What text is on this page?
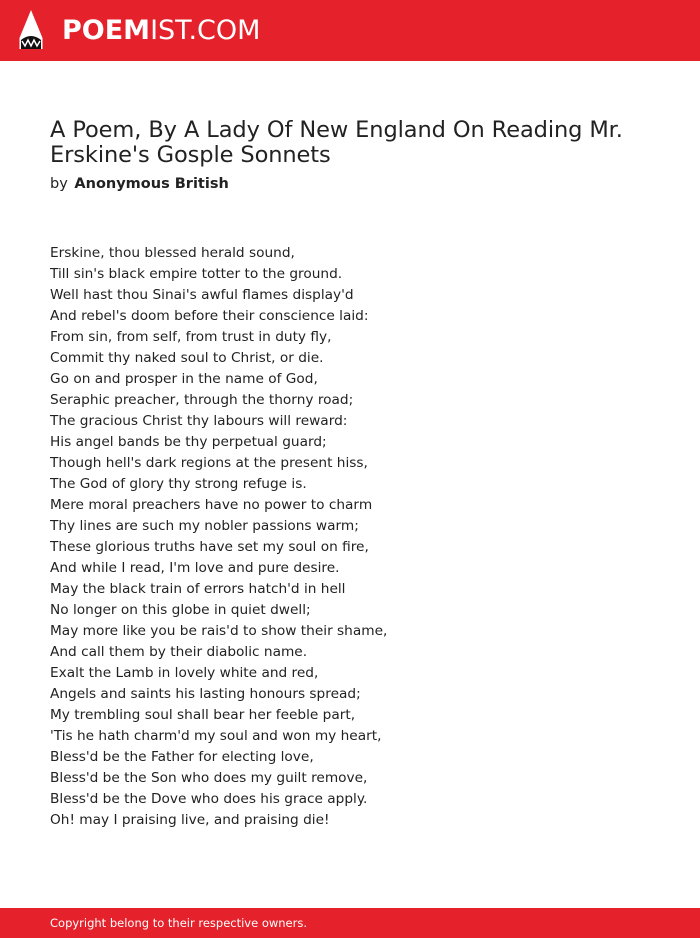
POEMIST.COM
A Poem, By A Lady Of New England On Reading Mr. Erskine's Gosple Sonnets
by Anonymous British
Erskine, thou blessed herald sound,
Till sin's black empire totter to the ground.
Well hast thou Sinai's awful flames display'd
And rebel's doom before their conscience laid:
From sin, from self, from trust in duty fly,
Commit thy naked soul to Christ, or die.
Go on and prosper in the name of God,
Seraphic preacher, through the thorny road;
The gracious Christ thy labours will reward:
His angel bands be thy perpetual guard;
Though hell's dark regions at the present hiss,
The God of glory thy strong refuge is.
Mere moral preachers have no power to charm
Thy lines are such my nobler passions warm;
These glorious truths have set my soul on fire,
And while I read, I'm love and pure desire.
May the black train of errors hatch'd in hell
No longer on this globe in quiet dwell;
May more like you be rais'd to show their shame,
And call them by their diabolic name.
Exalt the Lamb in lovely white and red,
Angels and saints his lasting honours spread;
My trembling soul shall bear her feeble part,
'Tis he hath charm'd my soul and won my heart,
Bless'd be the Father for electing love,
Bless'd be the Son who does my guilt remove,
Bless'd be the Dove who does his grace apply.
Oh! may I praising live, and praising die!
Copyright belong to their respective owners.
